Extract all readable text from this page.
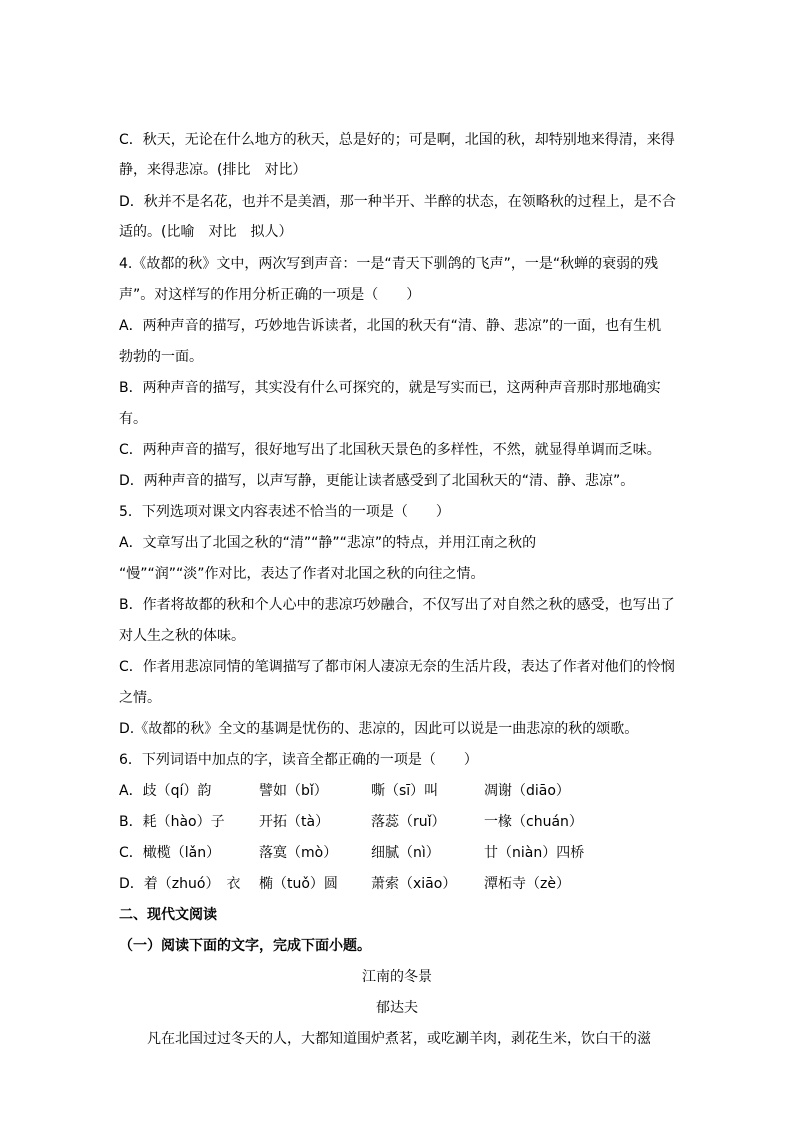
C．秋天，无论在什么地方的秋天，总是好的；可是啊，北国的秋，却特别地来得清，来得
静，来得悲凉。(排比　对比）
D．秋并不是名花，也并不是美酒，那一种半开、半醉的状态，在领略秋的过程上，是不合
适的。(比喻　对比　拟人）
4.《故都的秋》文中，两次写到声音：一是“青天下驯鸽的飞声”，一是“秋蝉的衰弱的残
声”。对这样写的作用分析正确的一项是（　　）
A．两种声音的描写，巧妙地告诉读者，北国的秋天有“清、静、悲凉”的一面，也有生机
勃勃的一面。
B．两种声音的描写，其实没有什么可探究的，就是写实而已，这两种声音那时那地确实
有。
C．两种声音的描写，很好地写出了北国秋天景色的多样性，不然，就显得单调而乏味。
D．两种声音的描写，以声写静，更能让读者感受到了北国秋天的“清、静、悲凉”。
5．下列选项对课文内容表述不恰当的一项是（　　）
A．文章写出了北国之秋的“清”“静”“悲凉”的特点，并用江南之秋的
“慢”“润”“淡”作对比，表达了作者对北国之秋的向往之情。
B．作者将故都的秋和个人心中的悲凉巧妙融合，不仅写出了对自然之秋的感受，也写出了
对人生之秋的体味。
C．作者用悲凉同情的笔调描写了都市闲人凄凉无奈的生活片段，表达了作者对他们的怜悯
之情。
D.《故都的秋》全文的基调是忧伤的、悲凉的，因此可以说是一曲悲凉的秋的颂歌。
6．下列词语中加点的字，读音全都正确的一项是（　　）
A．歧（qí）韵	譬如（bǐ）	嘶（sī）叫	凋谢（diāo）
B．耗（hào）子 开拓（tà）	落蕊（ruǐ）	一椽（chuán）
C．橄榄（lǎn）	落寞（mò） 细腻（nì）	廿（niàn）四桥
D．着（zhuó）　衣 椭（tuǒ）圆 萧索（xiāo） 潭柘寺（zè）
二、现代文阅读
（一）阅读下面的文字，完成下面小题。
江南的冬景
郁达夫
凡在北国过过冬天的人，大都知道围炉煮茗，或吃涮羊肉，剥花生米，饮白干的滋
